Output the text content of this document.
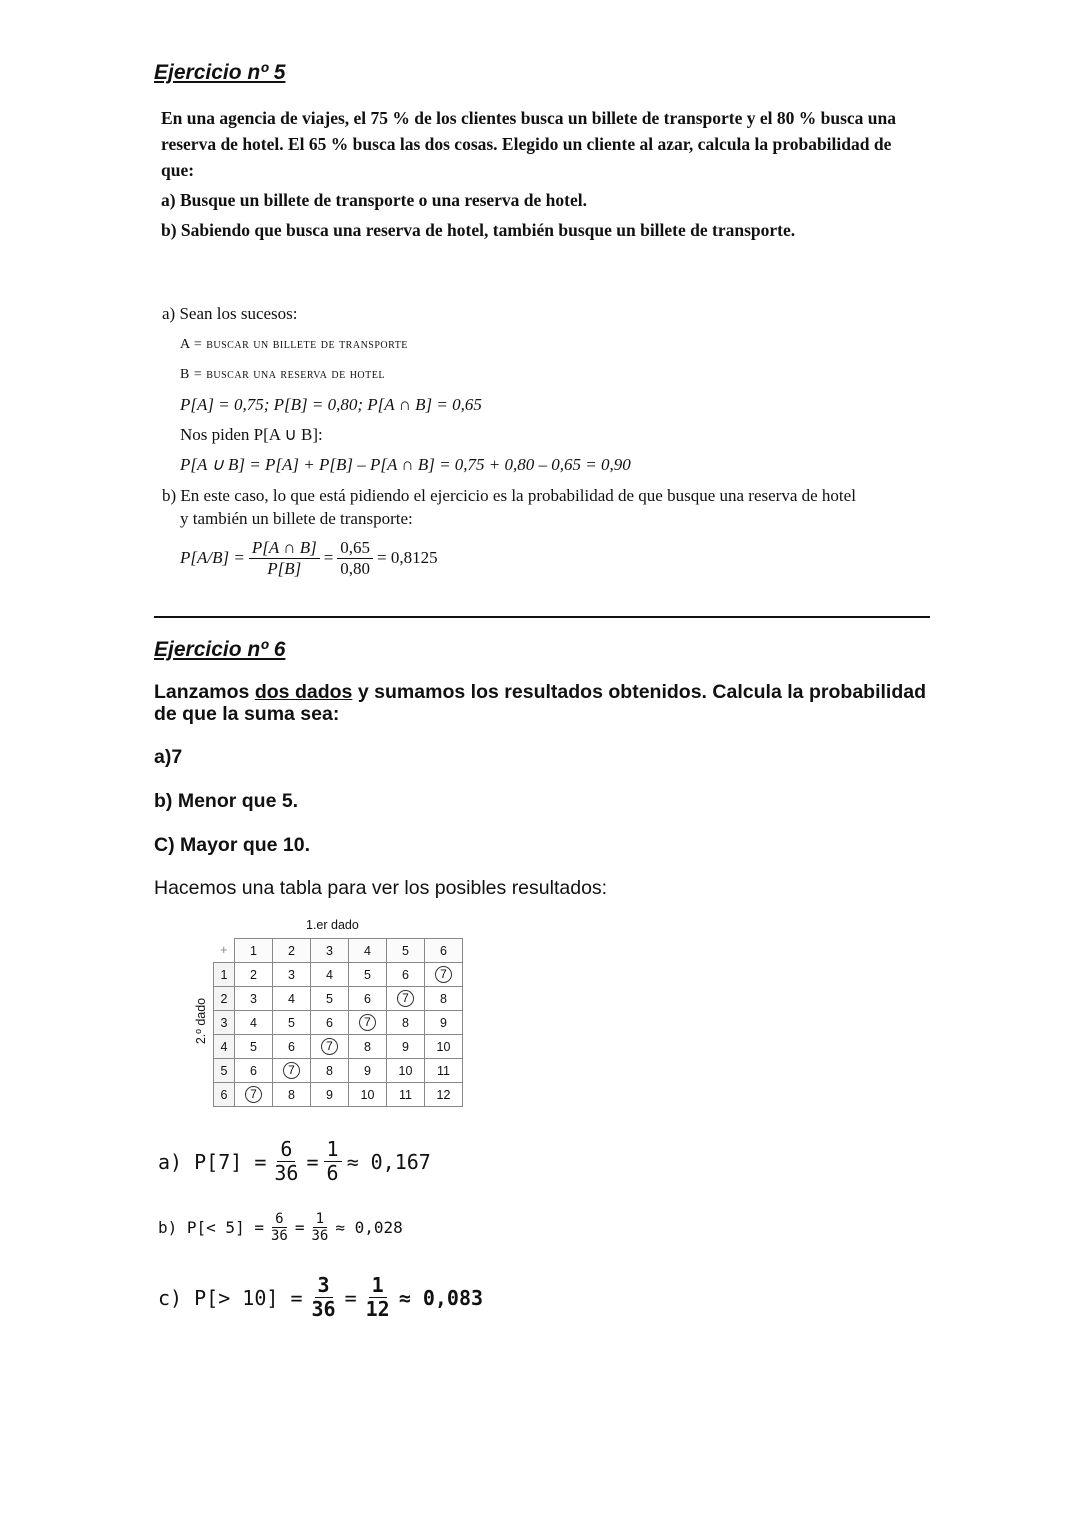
Ejercicio nº 5

En una agencia de viajes, el 75 % de los clientes busca un billete de transporte y el 80 % busca una

reserva de hotel. El 65 % busca las dos cosas. Elegido un cliente al azar, calcula la probabilidad de

que:

a) Busque un billete de transporte o una reserva de hotel.

b) Sabiendo que busca una reserva de hotel, también busque un billete de transporte.

a) Sean los sucesos:
A = buscar un billete de transporte
B = buscar una reserva de hotel
P[A] = 0,75; P[B] = 0,80; P[A ∩ B] = 0,65
Nos piden P[A ∪ B]:
P[A ∪ B] = P[A] + P[B] – P[A ∩ B] = 0,75 + 0,80 – 0,65 = 0,90
b) En este caso, lo que está pidiendo el ejercicio es la probabilidad de que busque una reserva de hotel
y también un billete de transporte:
$P[A/B] = \frac{P[A \cap B]}{P[B]} = \frac{0,65}{0,80} = 0,8125$
Ejercicio nº 6
Lanzamos dos dados y sumamos los resultados obtenidos. Calcula la probabilidad de que la suma sea:
a)7
b) Menor que 5.
C) Mayor que 10.
Hacemos una tabla para ver los posibles resultados:
1.er dado
2.º dado
+	1	2	3	4	5	6
1	2	3	4	5	6	7
2	3	4	5	6	7	8
3	4	5	6	7	8	9
4	5	6	7	8	9	10
5	6	7	8	9	10	11
6	7	8	9	10	11	12
a) $P[7] = \frac{6}{36} = \frac{1}{6} \approx 0,167$
b) $P[< 5] = \frac{6}{36} = \frac{1}{36} \approx 0,028$
c) $P[> 10] = \frac{3}{36} = \frac{1}{12} \approx 0,083$
